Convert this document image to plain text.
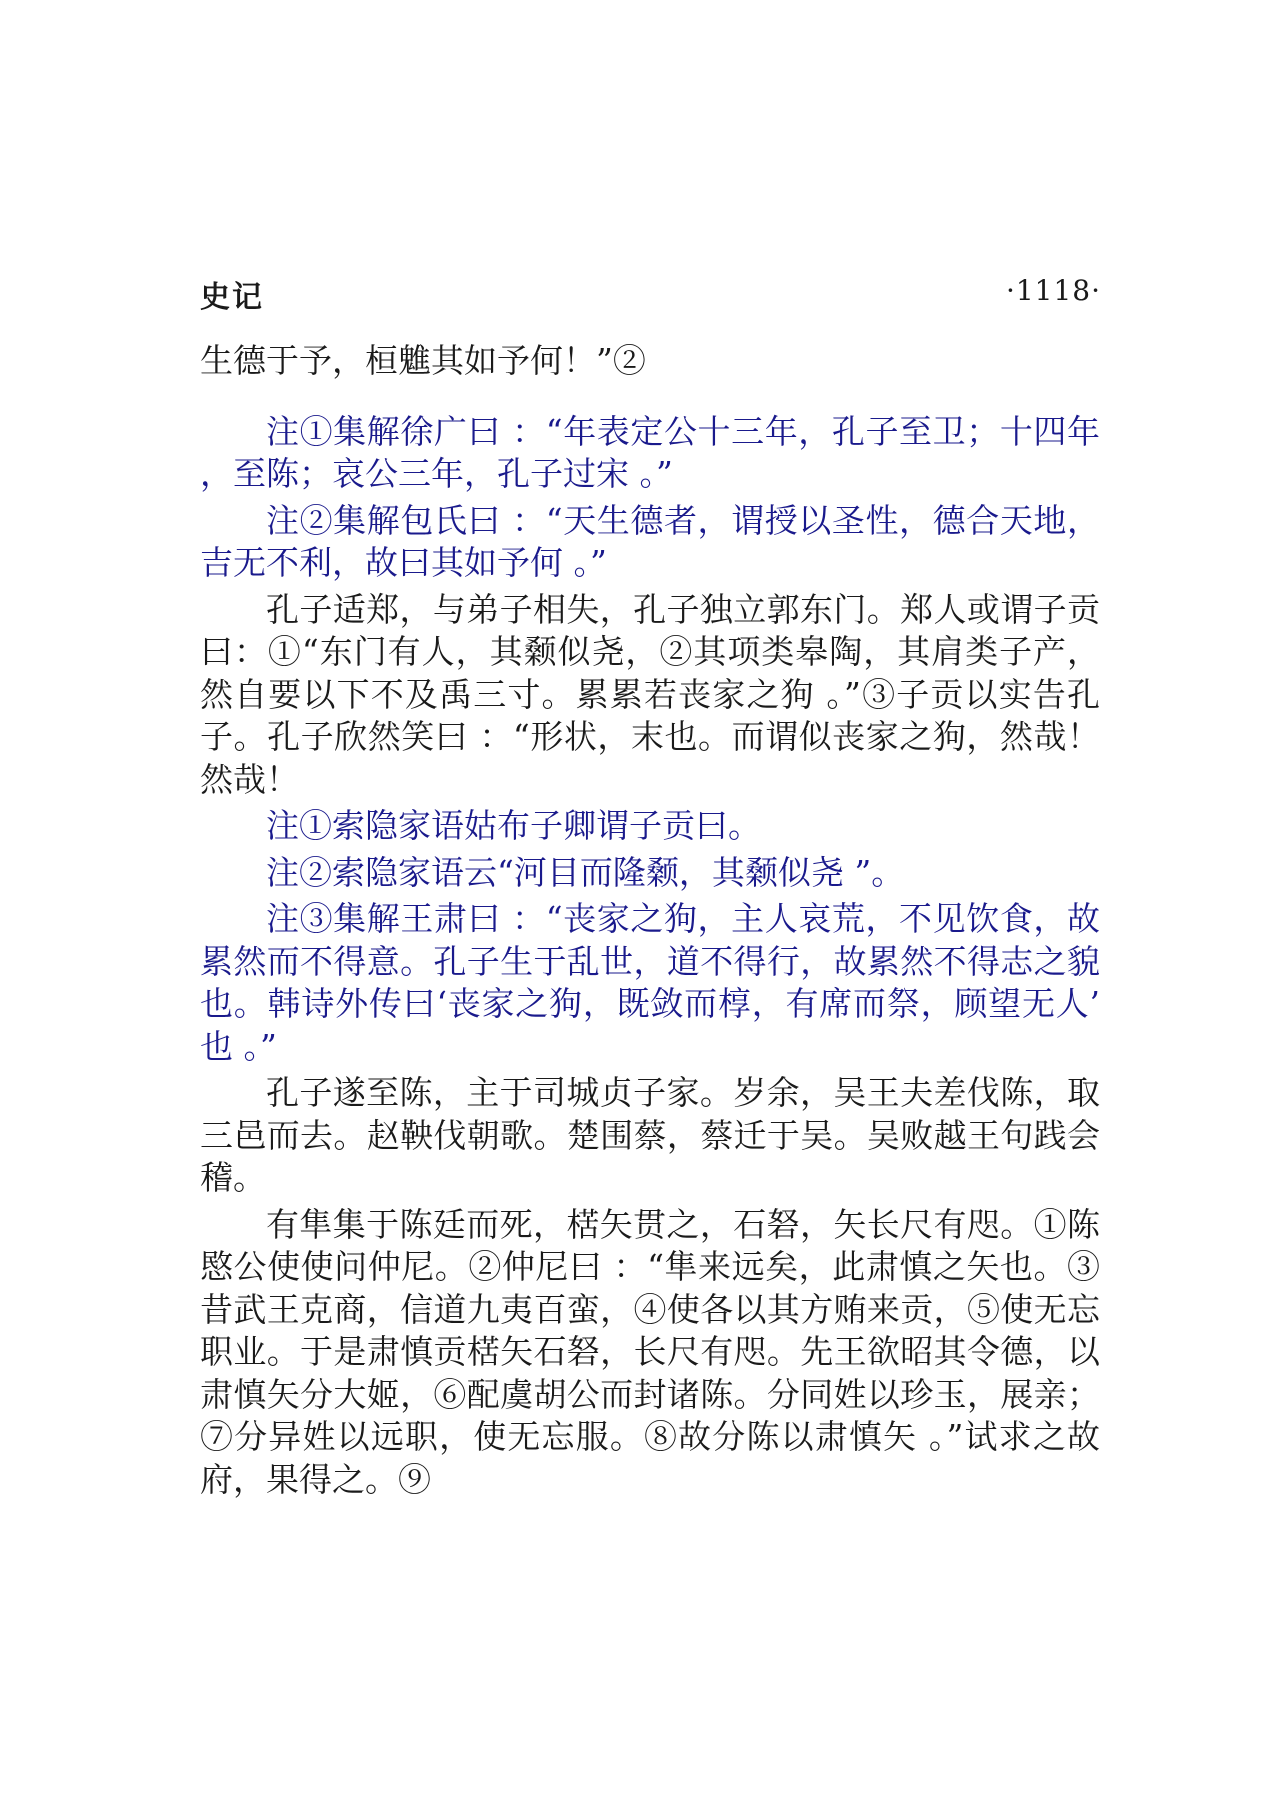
史记	·1118·

生德于予，桓魋其如予何！”②

注①集解徐广曰 ：“年表定公十三年，孔子至卫；十四年，至陈；哀公三年，孔子过宋 。”

注②集解包氏曰 ：“天生德者，谓授以圣性，德合天地，吉无不利，故曰其如予何 。”

孔子适郑，与弟子相失，孔子独立郭东门。郑人或谓子贡曰：①“东门有人，其颡似尧，②其项类皋陶，其肩类子产，然自要以下不及禹三寸。累累若丧家之狗 。”③子贡以实告孔子。孔子欣然笑曰 ：“形状，末也。而谓似丧家之狗，然哉！然哉！

注①索隐家语姑布子卿谓子贡曰。

注②索隐家语云“河目而隆颡，其颡似尧 ”。

注③集解王肃曰 ：“丧家之狗，主人哀荒，不见饮食，故累然而不得意。孔子生于乱世，道不得行，故累然不得志之貌也。韩诗外传曰‘丧家之狗，既敛而椁，有席而祭，顾望无人’也 。”

孔子遂至陈，主于司城贞子家。岁余，吴王夫差伐陈，取三邑而去。赵鞅伐朝歌。楚围蔡，蔡迁于吴。吴败越王句践会稽。

有隼集于陈廷而死，楛矢贯之，石砮，矢长尺有咫。①陈愍公使使问仲尼。②仲尼曰 ：“隼来远矣，此肃慎之矢也。③昔武王克商，信道九夷百蛮，④使各以其方贿来贡，⑤使无忘职业。于是肃慎贡楛矢石砮，长尺有咫。先王欲昭其令德，以肃慎矢分大姬，⑥配虞胡公而封诸陈。分同姓以珍玉，展亲；⑦分异姓以远职，使无忘服。⑧故分陈以肃慎矢 。”试求之故府，果得之。⑨
